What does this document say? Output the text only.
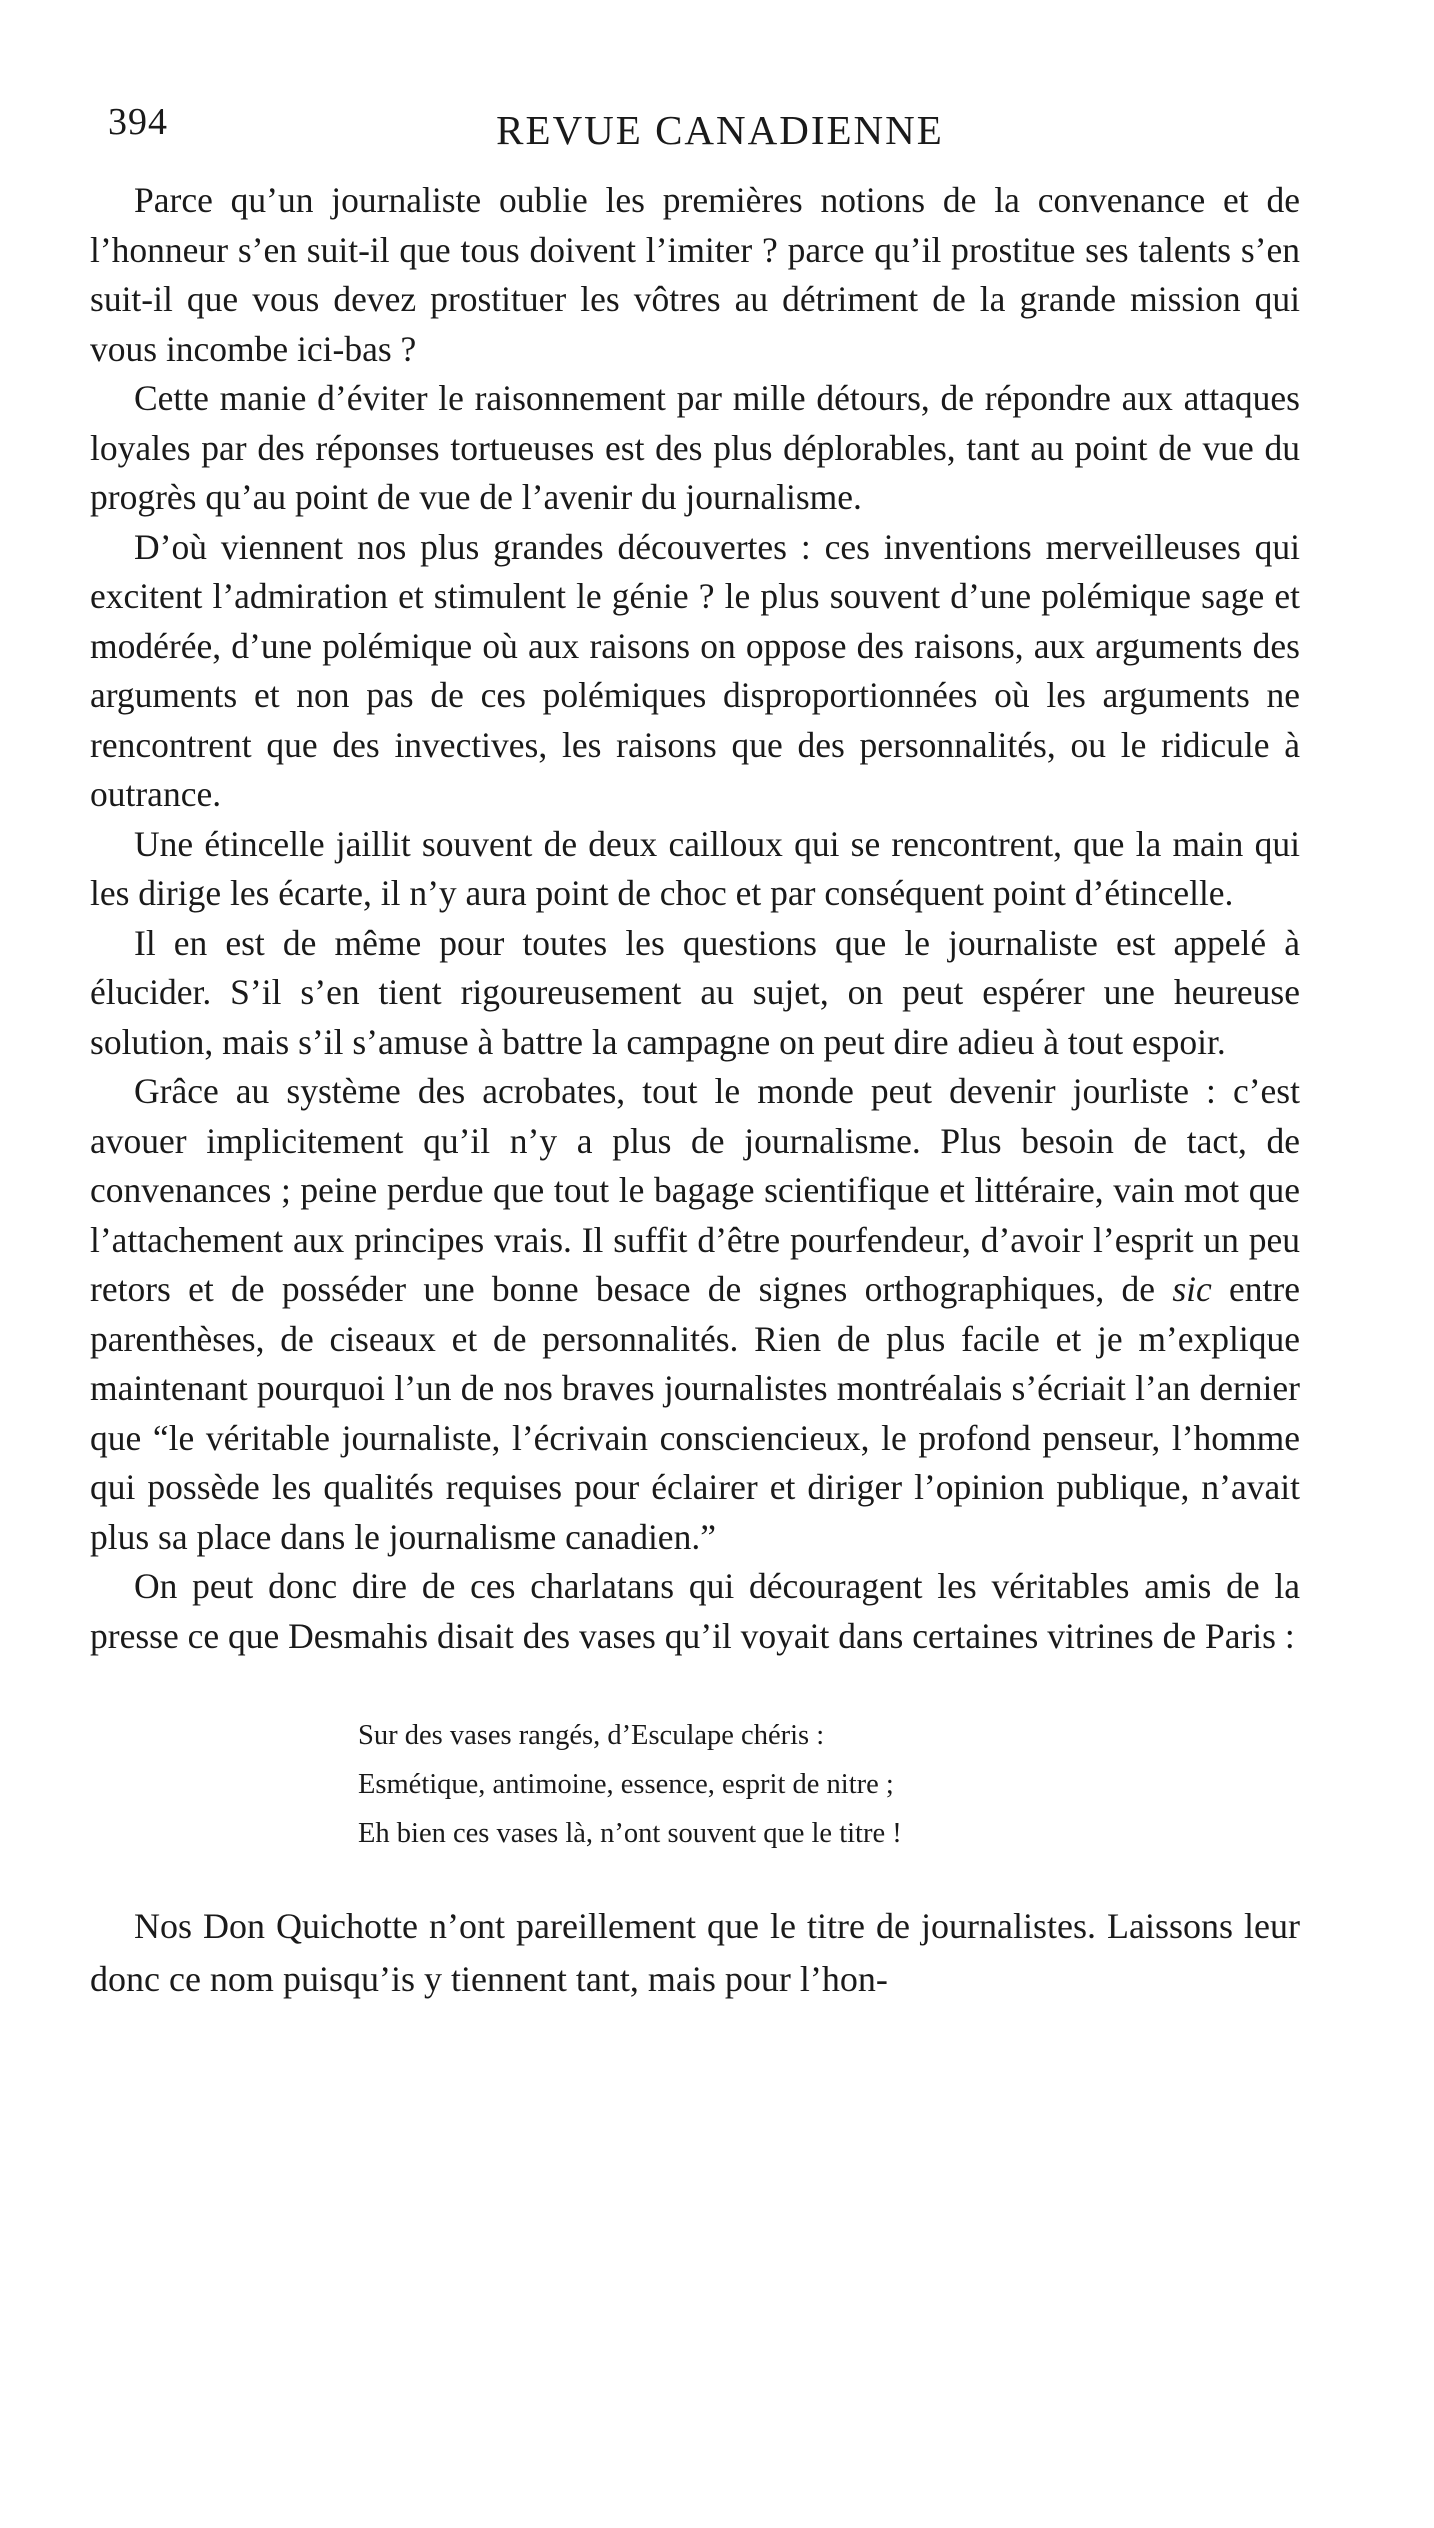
394	REVUE CANADIENNE

Parce qu’un journaliste oublie les premières notions de la convenance et de l’honneur s’en suit-il que tous doivent l’imiter ? parce qu’il prostitue ses talents s’en suit-il que vous devez prostituer les vôtres au détriment de la grande mission qui vous incombe ici-bas ?

Cette manie d’éviter le raisonnement par mille détours, de répondre aux attaques loyales par des réponses tortueuses est des plus déplorables, tant au point de vue du progrès qu’au point de vue de l’avenir du journalisme.

D’où viennent nos plus grandes découvertes : ces inventions merveilleuses qui excitent l’admiration et stimulent le génie ? le plus souvent d’une polémique sage et modérée, d’une polémique où aux raisons on oppose des raisons, aux arguments des arguments et non pas de ces polémiques disproportionnées où les arguments ne rencontrent que des invectives, les raisons que des personnalités, ou le ridicule à outrance.

Une étincelle jaillit souvent de deux cailloux qui se rencontrent, que la main qui les dirige les écarte, il n’y aura point de choc et par conséquent point d’étincelle.

Il en est de même pour toutes les questions que le journaliste est appelé à élucider. S’il s’en tient rigoureusement au sujet, on peut espérer une heureuse solution, mais s’il s’amuse à battre la campagne on peut dire adieu à tout espoir.

Grâce au système des acrobates, tout le monde peut devenir jourliste : c’est avouer implicitement qu’il n’y a plus de journalisme. Plus besoin de tact, de convenances ; peine perdue que tout le bagage scientifique et littéraire, vain mot que l’attachement aux principes vrais. Il suffit d’être pourfendeur, d’avoir l’esprit un peu retors et de posséder une bonne besace de signes orthographiques, de sic entre parenthèses, de ciseaux et de personnalités. Rien de plus facile et je m’explique maintenant pourquoi l’un de nos braves journalistes montréalais s’écriait l’an dernier que “le véritable journaliste, l’écrivain consciencieux, le profond penseur, l’homme qui possède les qualités requises pour éclairer et diriger l’opinion publique, n’avait plus sa place dans le journalisme canadien.”

On peut donc dire de ces charlatans qui découragent les véritables amis de la presse ce que Desmahis disait des vases qu’il voyait dans certaines vitrines de Paris :

Sur des vases rangés, d’Esculape chéris :
Esmétique, antimoine, essence, esprit de nitre ;
Eh bien ces vases là, n’ont souvent que le titre !

Nos Don Quichotte n’ont pareillement que le titre de journalistes. Laissons leur donc ce nom puisqu’is y tiennent tant, mais pour l’hon-
